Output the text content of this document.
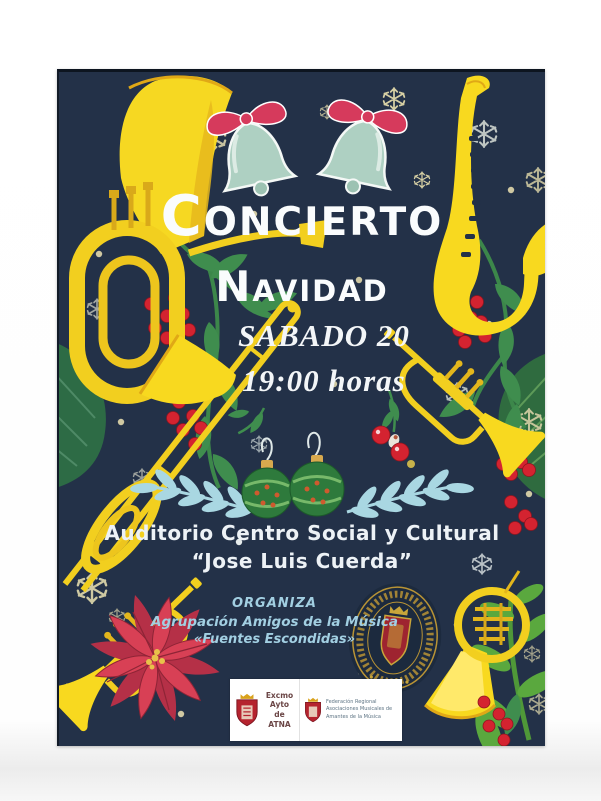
Concierto
Navidad
SABADO 20
19:00 horas
Auditorio Centro Social y Cultural
“Jose Luis Cuerda”
ORGANIZA
Agrupación Amigos de la Música
«Fuentes Escondidas»
Excmo
Ayto
de
ATNA
Federación Regional
Asociaciones Musicales de
Amantes de la Música
